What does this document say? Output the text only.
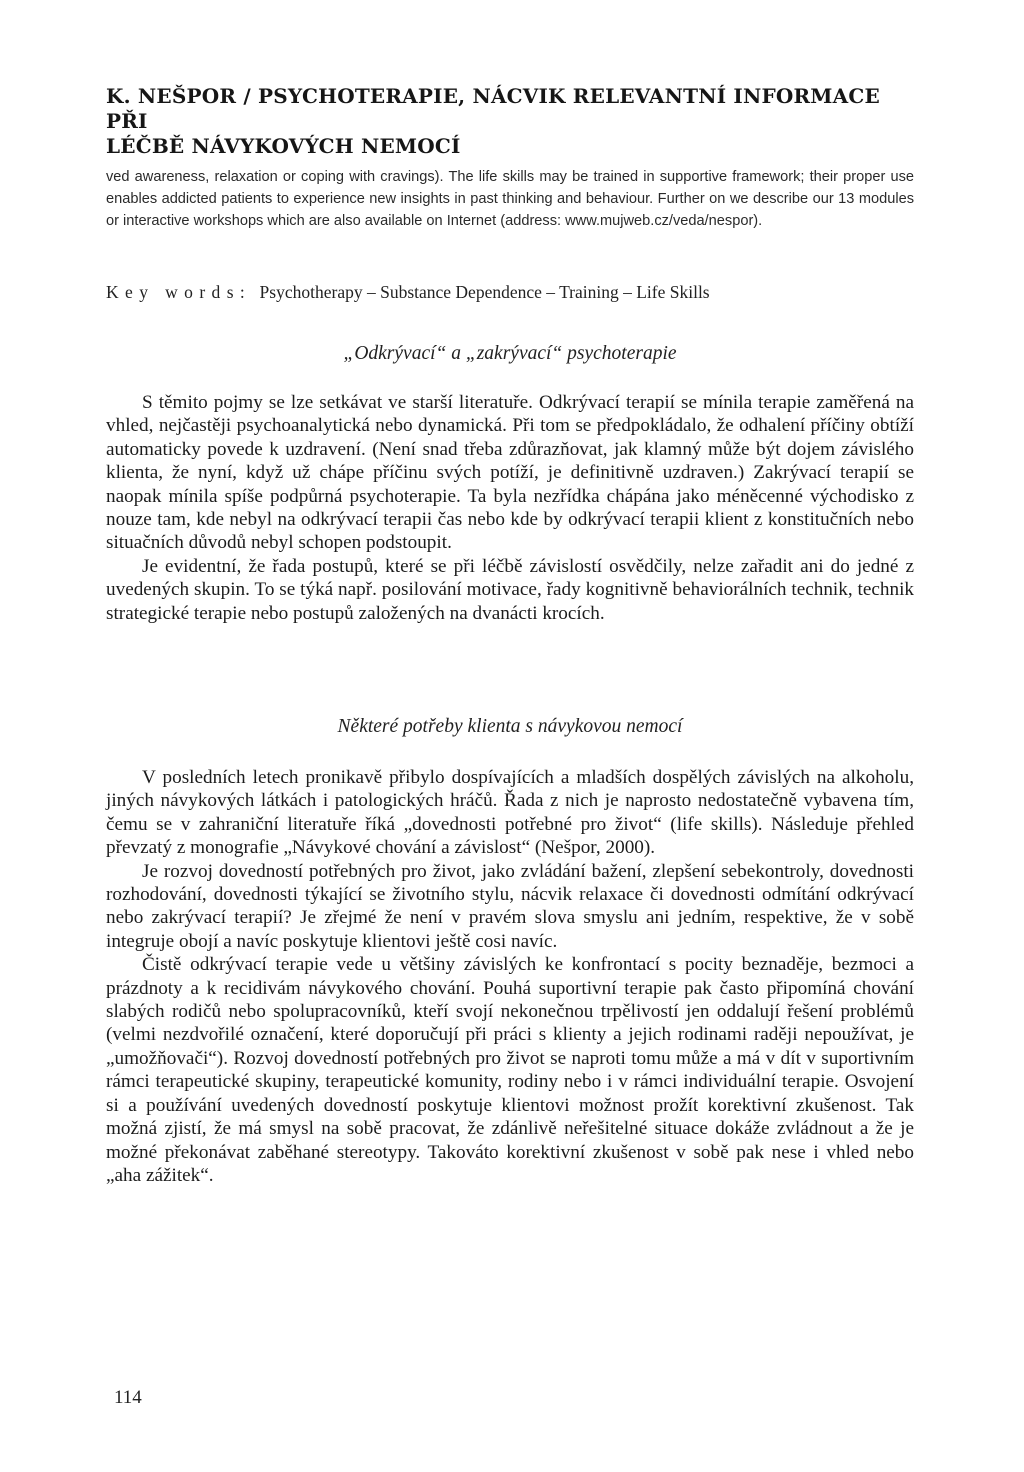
K. NEŠPOR / PSYCHOTERAPIE, NÁCVIK RELEVANTNÍ INFORMACE PŘI
LÉČBĚ NÁVYKOVÝCH NEMOCÍ
ved awareness, relaxation or coping with cravings). The life skills may be trained in supportive framework; their proper use enables addicted patients to experience new insights in past thinking and behaviour. Further on we describe our 13 modules or interactive workshops which are also available on Internet (address: www.mujweb.cz/veda/nespor).
Key words: Psychotherapy – Substance Dependence – Training – Life Skills
„Odkrývací“ a „zakrývací“ psychoterapie

S těmito pojmy se lze setkávat ve starší literatuře. Odkrývací terapií se mínila terapie zaměřená na vhled, nejčastěji psychoanalytická nebo dynamická. Při tom se předpokládalo, že odhalení příčiny obtíží automaticky povede k uzdravení. (Není snad třeba zdůrazňovat, jak klamný může být dojem závislého klienta, že nyní, když už chápe příčinu svých potíží, je definitivně uzdraven.) Zakrývací terapií se naopak mínila spíše podpůrná psychoterapie. Ta byla nezřídka chápána jako méněcenné východisko z nouze tam, kde nebyl na odkrývací terapii čas nebo kde by odkrývací terapii klient z konstitučních nebo situačních důvodů nebyl schopen podstoupit.

Je evidentní, že řada postupů, které se při léčbě závislostí osvědčily, nelze zařadit ani do jedné z uvedených skupin. To se týká např. posilování motivace, řady kognitivně behaviorálních technik, technik strategické terapie nebo postupů založených na dvanácti krocích.

Některé potřeby klienta s návykovou nemocí

V posledních letech pronikavě přibylo dospívajících a mladších dospělých závislých na alkoholu, jiných návykových látkách i patologických hráčů. Řada z nich je naprosto nedostatečně vybavena tím, čemu se v zahraniční literatuře říká „dovednosti potřebné pro život“ (life skills). Následuje přehled převzatý z monografie „Návykové chování a závislost“ (Nešpor, 2000).

Je rozvoj dovedností potřebných pro život, jako zvládání bažení, zlepšení sebekontroly, dovednosti rozhodování, dovednosti týkající se životního stylu, nácvik relaxace či dovednosti odmítání odkrývací nebo zakrývací terapií? Je zřejmé že není v pravém slova smyslu ani jedním, respektive, že v sobě integruje obojí a navíc poskytuje klientovi ještě cosi navíc.

Čistě odkrývací terapie vede u většiny závislých ke konfrontací s pocity beznaděje, bezmoci a prázdnoty a k recidivám návykového chování. Pouhá suportivní terapie pak často připomíná chování slabých rodičů nebo spolupracovníků, kteří svojí nekonečnou trpělivostí jen oddalují řešení problémů (velmi nezdvořilé označení, které doporučují při práci s klienty a jejich rodinami raději nepoužívat, je „umožňovači“). Rozvoj dovedností potřebných pro život se naproti tomu může a má v dít v suportivním rámci terapeutické skupiny, terapeutické komunity, rodiny nebo i v rámci individuální terapie. Osvojení si a používání uvedených dovedností poskytuje klientovi možnost prožít korektivní zkušenost. Tak možná zjistí, že má smysl na sobě pracovat, že zdánlivě neřešitelné situace dokáže zvládnout a že je možné překonávat zaběhané stereotypy. Takováto korektivní zkušenost v sobě pak nese i vhled nebo „aha zážitek“.

114
